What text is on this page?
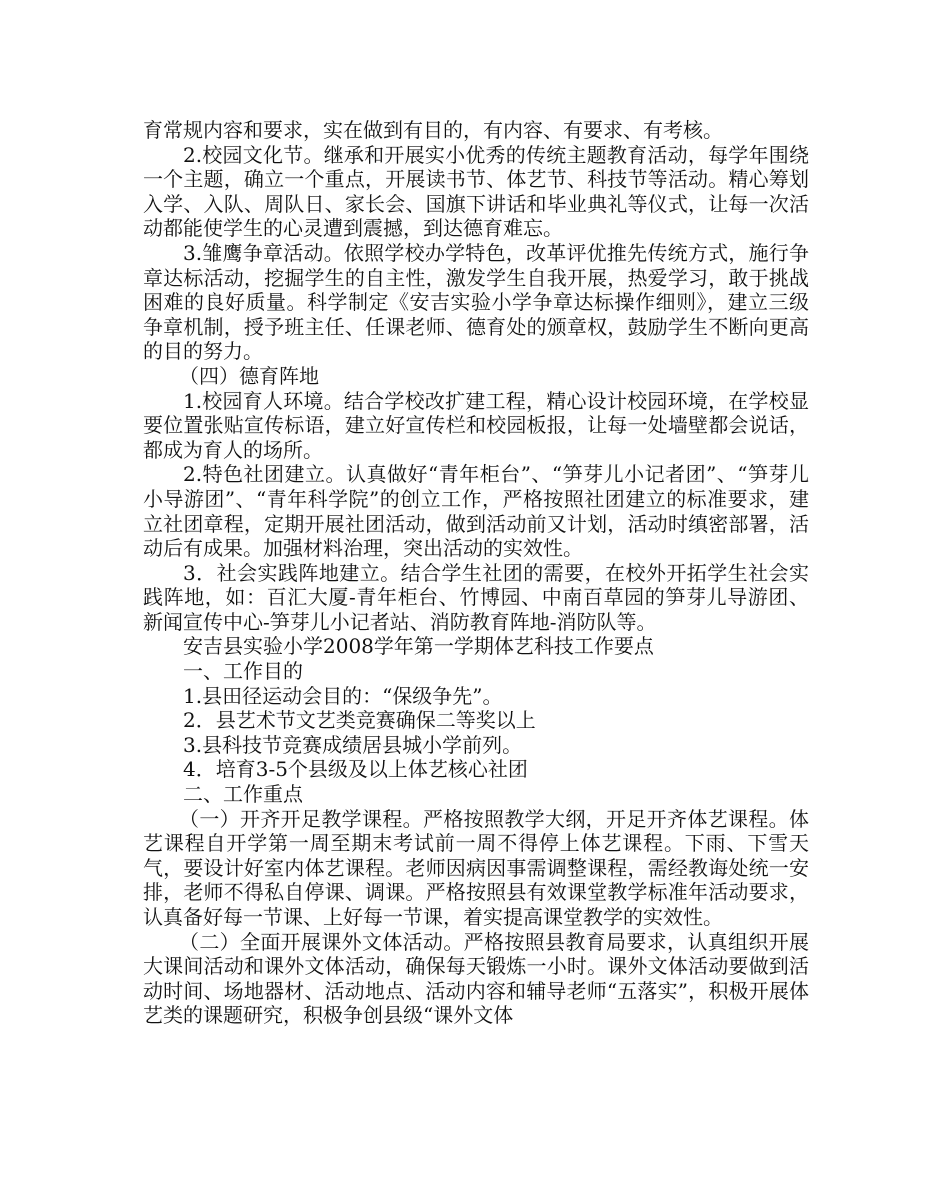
育常规内容和要求，实在做到有目的，有内容、有要求、有考核。

2.校园文化节。继承和开展实小优秀的传统主题教育活动，每学年围绕一个主题，确立一个重点，开展读书节、体艺节、科技节等活动。精心筹划入学、入队、周队日、家长会、国旗下讲话和毕业典礼等仪式，让每一次活动都能使学生的心灵遭到震撼，到达德育难忘。

3.雏鹰争章活动。依照学校办学特色，改革评优推先传统方式，施行争章达标活动，挖掘学生的自主性，激发学生自我开展，热爱学习，敢于挑战困难的良好质量。科学制定《安吉实验小学争章达标操作细则》，建立三级争章机制，授予班主任、任课老师、德育处的颁章权，鼓励学生不断向更高的目的努力。

（四）德育阵地

1.校园育人环境。结合学校改扩建工程，精心设计校园环境，在学校显要位置张贴宣传标语，建立好宣传栏和校园板报，让每一处墙壁都会说话，都成为育人的场所。

2.特色社团建立。认真做好“青年柜台”、“笋芽儿小记者团”、“笋芽儿小导游团”、“青年科学院”的创立工作，严格按照社团建立的标准要求，建立社团章程，定期开展社团活动，做到活动前又计划，活动时缜密部署，活动后有成果。加强材料治理，突出活动的实效性。

3．社会实践阵地建立。结合学生社团的需要，在校外开拓学生社会实践阵地，如：百汇大厦-青年柜台、竹博园、中南百草园的笋芽儿导游团、新闻宣传中心-笋芽儿小记者站、消防教育阵地-消防队等。

安吉县实验小学2008学年第一学期体艺科技工作要点

一、工作目的

1.县田径运动会目的：“保级争先”。

2．县艺术节文艺类竞赛确保二等奖以上

3.县科技节竞赛成绩居县城小学前列。

4．培育3-5个县级及以上体艺核心社团

二、工作重点

（一）开齐开足教学课程。严格按照教学大纲，开足开齐体艺课程。体艺课程自开学第一周至期末考试前一周不得停上体艺课程。下雨、下雪天气，要设计好室内体艺课程。老师因病因事需调整课程，需经教诲处统一安排，老师不得私自停课、调课。严格按照县有效课堂教学标准年活动要求，认真备好每一节课、上好每一节课，着实提高课堂教学的实效性。

（二）全面开展课外文体活动。严格按照县教育局要求，认真组织开展大课间活动和课外文体活动，确保每天锻炼一小时。课外文体活动要做到活动时间、场地器材、活动地点、活动内容和辅导老师“五落实”，积极开展体艺类的课题研究，积极争创县级“课外文体
